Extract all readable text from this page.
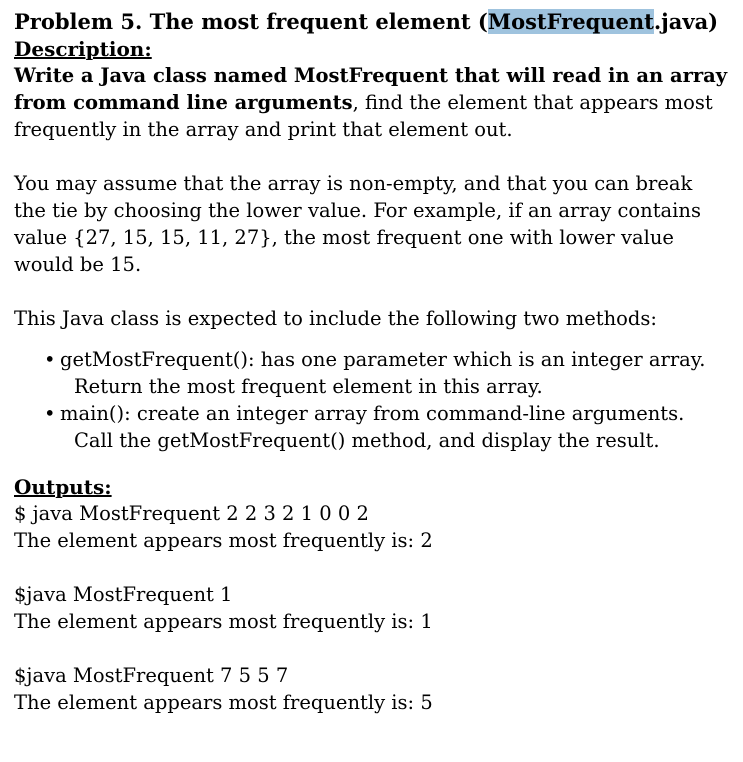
Problem 5. The most frequent element (MostFrequent.java)
Description:

Write a Java class named MostFrequent that will read in an array from command line arguments, find the element that appears most frequently in the array and print that element out.

You may assume that the array is non-empty, and that you can break the tie by choosing the lower value. For example, if an array contains value {27, 15, 15, 11, 27}, the most frequent one with lower value would be 15.

This Java class is expected to include the following two methods:

• getMostFrequent(): has one parameter which is an integer array.
Return the most frequent element in this array.
• main(): create an integer array from command-line arguments.
Call the getMostFrequent() method, and display the result.
Outputs:
$ java MostFrequent 2 2 3 2 1 0 0 2
The element appears most frequently is: 2
$java MostFrequent 1
The element appears most frequently is: 1
$java MostFrequent 7 5 5 7
The element appears most frequently is: 5
